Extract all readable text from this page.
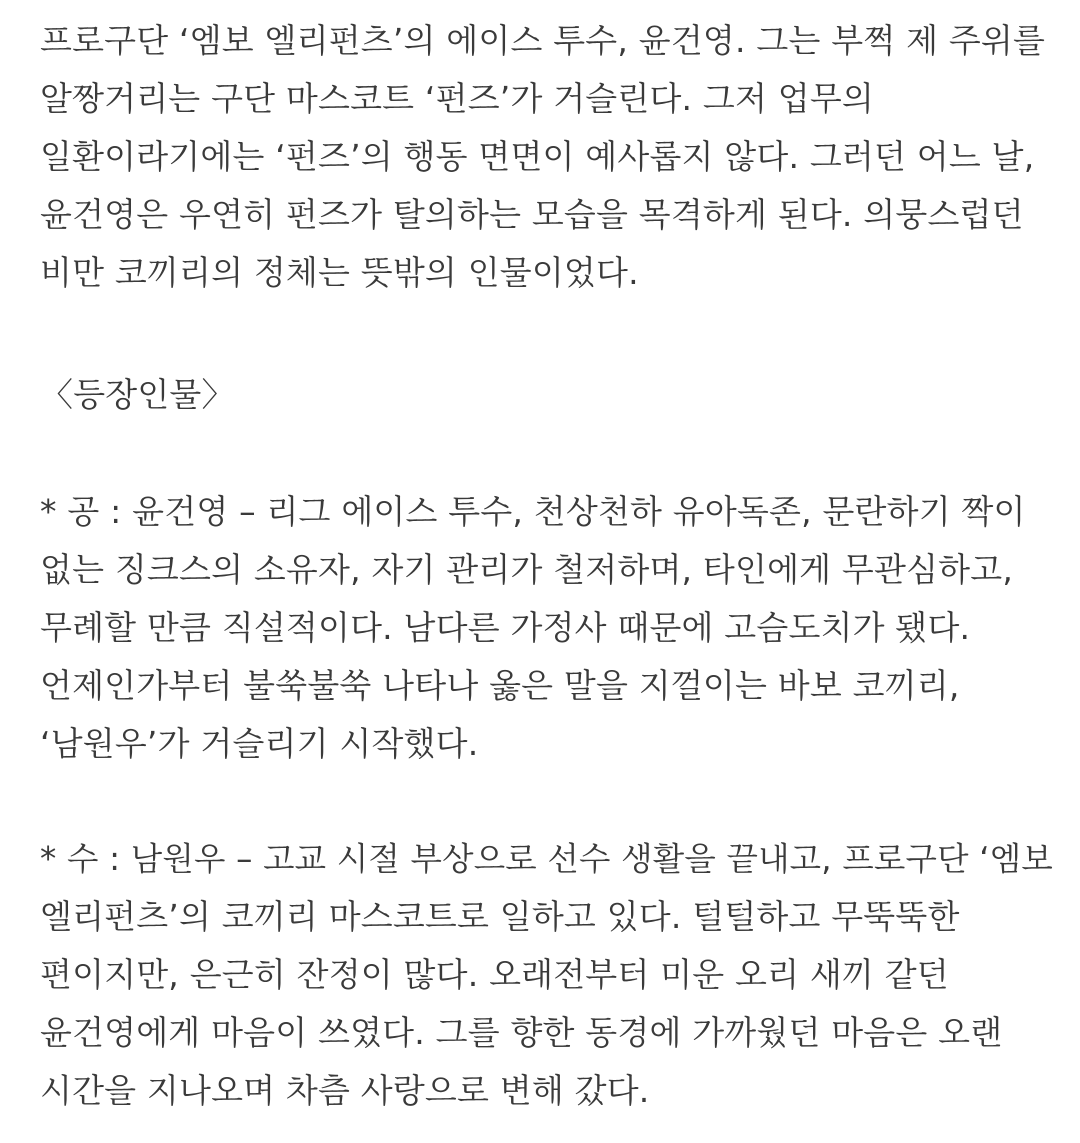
프로구단 ‘엠보 엘리펀츠’의 에이스 투수, 윤건영. 그는 부쩍 제 주위를
알짱거리는 구단 마스코트 ‘펀즈’가 거슬린다. 그저 업무의
일환이라기에는 ‘펀즈’의 행동 면면이 예사롭지 않다. 그러던 어느 날,
윤건영은 우연히 펀즈가 탈의하는 모습을 목격하게 된다. 의뭉스럽던
비만 코끼리의 정체는 뜻밖의 인물이었다.
〈등장인물〉
* 공 : 윤건영 – 리그 에이스 투수, 천상천하 유아독존, 문란하기 짝이
없는 징크스의 소유자, 자기 관리가 철저하며, 타인에게 무관심하고,
무례할 만큼 직설적이다. 남다른 가정사 때문에 고슴도치가 됐다.
언제인가부터 불쑥불쑥 나타나 옳은 말을 지껄이는 바보 코끼리,
‘남원우’가 거슬리기 시작했다.
* 수 : 남원우 – 고교 시절 부상으로 선수 생활을 끝내고, 프로구단 ‘엠보
엘리펀츠’의 코끼리 마스코트로 일하고 있다. 털털하고 무뚝뚝한
편이지만, 은근히 잔정이 많다. 오래전부터 미운 오리 새끼 같던
윤건영에게 마음이 쓰였다. 그를 향한 동경에 가까웠던 마음은 오랜
시간을 지나오며 차츰 사랑으로 변해 갔다.
